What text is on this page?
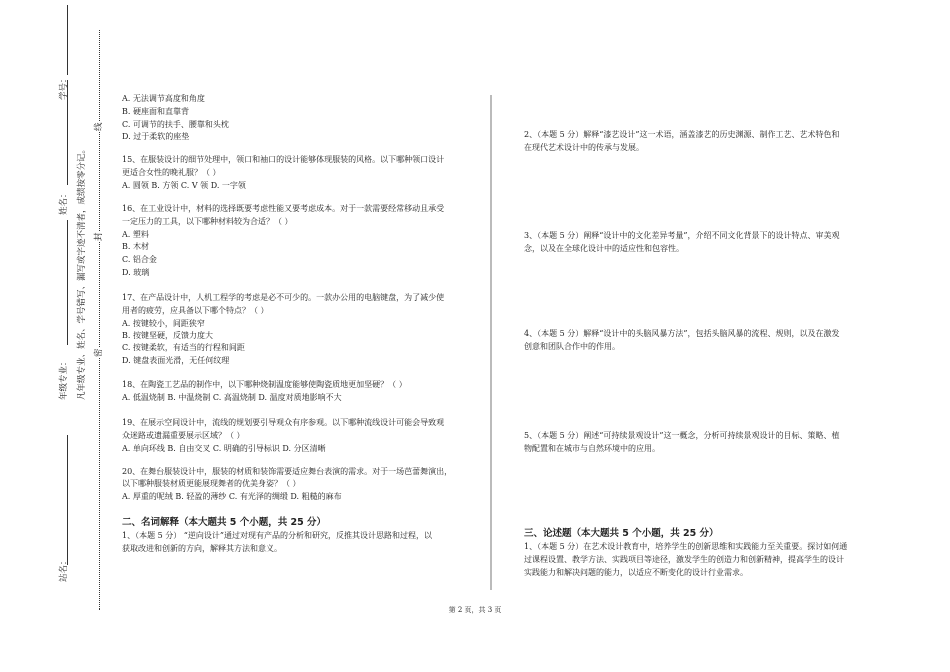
站名：
年级专业：
姓名：
学号：
凡年级专业、姓名、学号错写、漏写或字迹不清者，成绩按零分记。 密
封
线
A. 无法调节高度和角度
B. 硬座面和直靠背
C. 可调节的扶手、腰靠和头枕
D. 过于柔软的座垫
15、在服装设计的细节处理中，领口和袖口的设计能够体现服装的风格。以下哪种领口设计
更适合女性的晚礼服？（ ）
A. 圆领 B. 方领 C. V 领 D. 一字领
16、在工业设计中，材料的选择既要考虑性能又要考虑成本。对于一款需要经常移动且承受
一定压力的工具，以下哪种材料较为合适？（ ）
A. 塑料
B. 木材
C. 铝合金
D. 玻璃
17、在产品设计中，人机工程学的考虑是必不可少的。一款办公用的电脑键盘，为了减少使
用者的疲劳，应具备以下哪个特点？（ ）
A. 按键较小，间距狭窄
B. 按键坚硬，反馈力度大
C. 按键柔软，有适当的行程和间距
D. 键盘表面光滑，无任何纹理
18、在陶瓷工艺品的制作中，以下哪种烧制温度能够使陶瓷质地更加坚硬？（ ）
A. 低温烧制 B. 中温烧制 C. 高温烧制 D. 温度对质地影响不大
19、在展示空间设计中，流线的规划要引导观众有序参观。以下哪种流线设计可能会导致观
众迷路或遗漏重要展示区域？（ ）
A. 单向环线 B. 自由交叉 C. 明确的引导标识 D. 分区清晰
20、在舞台服装设计中，服装的材质和装饰需要适应舞台表演的需求。对于一场芭蕾舞演出，
以下哪种服装材质更能展现舞者的优美身姿？（ ）
A. 厚重的呢绒 B. 轻盈的薄纱 C. 有光泽的绸缎 D. 粗糙的麻布
二、名词解释（本大题共 5 个小题，共 25 分）
1、（本题 5 分） “逆向设计”通过对现有产品的分析和研究，反推其设计思路和过程，以
获取改进和创新的方向，解释其方法和意义。
2、（本题 5 分）解释“漆艺设计”这一术语，涵盖漆艺的历史渊源、制作工艺、艺术特色和
在现代艺术设计中的传承与发展。
3、（本题 5 分）阐释“设计中的文化差异考量”，介绍不同文化背景下的设计特点、审美观
念，以及在全球化设计中的适应性和包容性。
4、（本题 5 分）解释“设计中的头脑风暴方法”，包括头脑风暴的流程、规则，以及在激发
创意和团队合作中的作用。
5、（本题 5 分）阐述“可持续景观设计”这一概念，分析可持续景观设计的目标、策略、植
物配置和在城市与自然环境中的应用。
三、论述题（本大题共 5 个小题，共 25 分）
1、（本题 5 分）在艺术设计教育中，培养学生的创新思维和实践能力至关重要。探讨如何通
过课程设置、教学方法、实践项目等途径，激发学生的创造力和创新精神，提高学生的设计
实践能力和解决问题的能力，以适应不断变化的设计行业需求。
第 2 页，共 3 页
